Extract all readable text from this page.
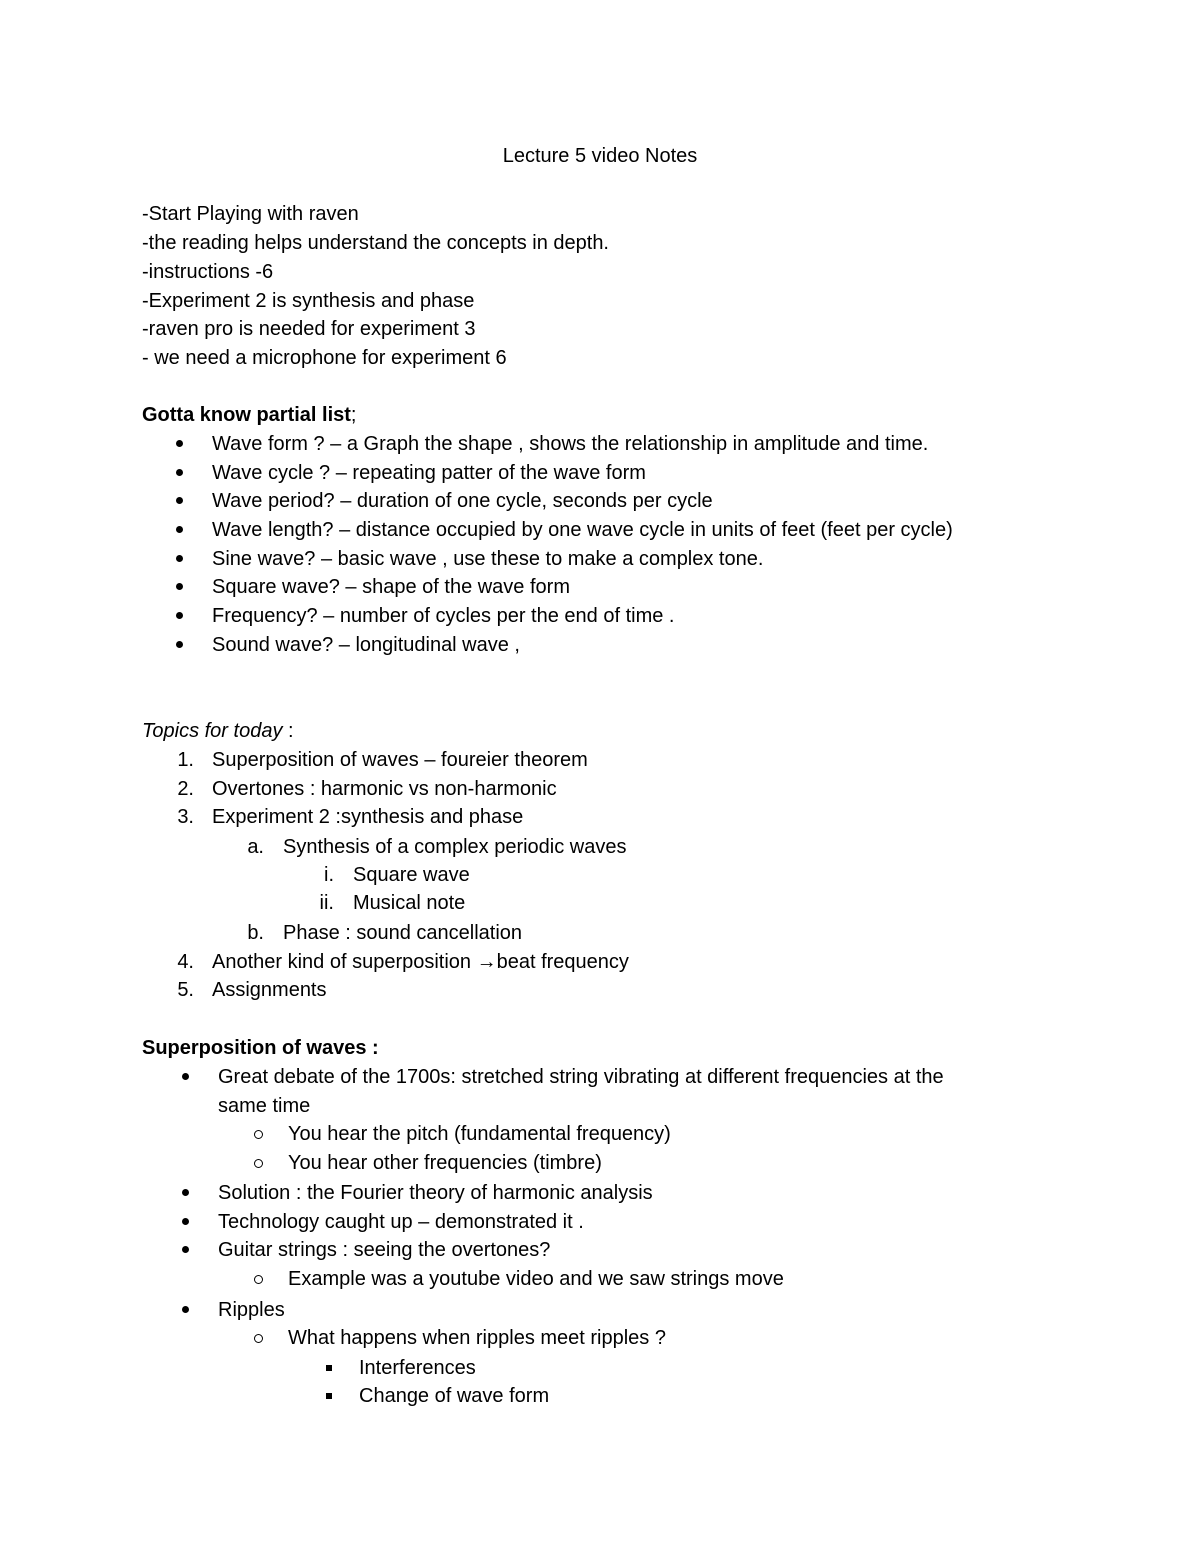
Lecture 5 video Notes
-Start Playing with raven
-the reading helps understand the concepts in depth.
-instructions -6
-Experiment 2 is synthesis and phase
-raven pro is needed for experiment 3
- we need a microphone for experiment 6
Gotta know partial list;
Wave form ? – a Graph the shape , shows the relationship in amplitude and time.
Wave cycle ? – repeating patter of the wave form
Wave period? – duration of one cycle, seconds per cycle
Wave length? – distance occupied by one wave cycle in units of feet (feet per cycle)
Sine wave? – basic wave , use these to make a complex tone.
Square wave? – shape of the wave form
Frequency? – number of cycles per the end of time .
Sound wave? – longitudinal wave ,
Topics for today :
1. Superposition of waves – foureier theorem
2. Overtones : harmonic vs non-harmonic
3. Experiment 2 :synthesis and phase
a. Synthesis of a complex periodic waves
i. Square wave
ii. Musical note
b. Phase : sound cancellation
4. Another kind of superposition →beat frequency
5. Assignments
Superposition of waves :
Great debate of the 1700s: stretched string vibrating at different frequencies at the
same time
You hear the pitch (fundamental frequency)
You hear other frequencies (timbre)
Solution : the Fourier theory of harmonic analysis
Technology caught up – demonstrated it .
Guitar strings : seeing the overtones?
Example was a youtube video and we saw strings move
Ripples
What happens when ripples meet ripples ?
Interferences
Change of wave form
